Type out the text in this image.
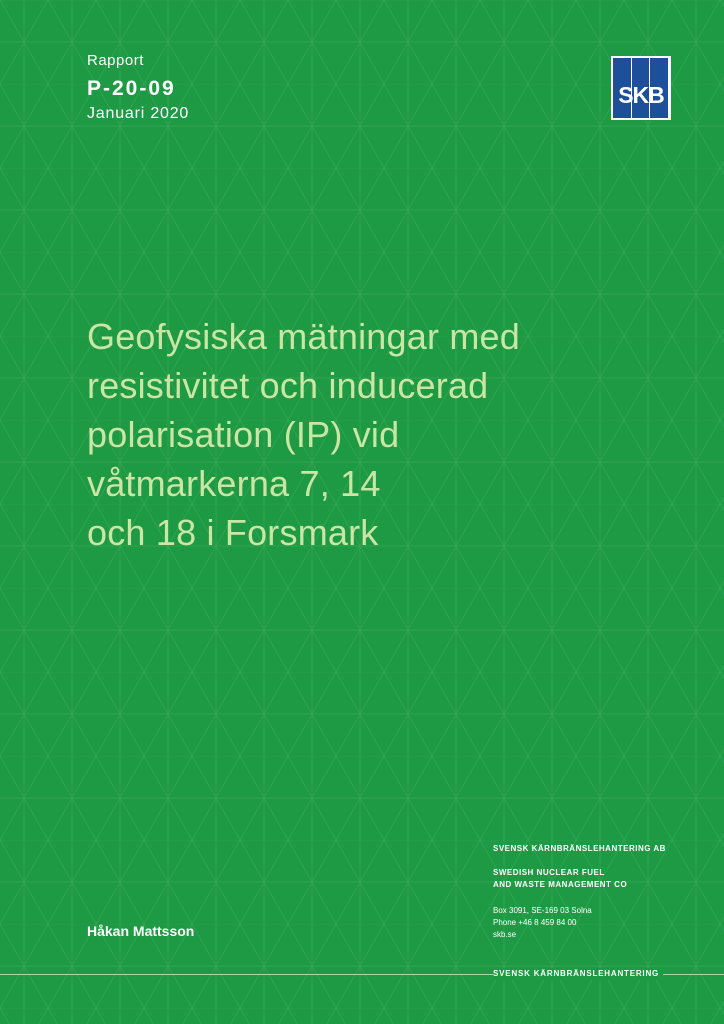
Rapport
P-20-09
Januari 2020
SKB
Geofysiska mätningar med
resistivitet och inducerad
polarisation (IP) vid
våtmarkerna 7, 14
och 18 i Forsmark
Håkan Mattsson
SVENSK KÄRNBRÄNSLEHANTERING AB
SWEDISH NUCLEAR FUEL
AND WASTE MANAGEMENT CO
Box 3091, SE-169 03 Solna
Phone +46 8 459 84 00
skb.se
SVENSK KÄRNBRÄNSLEHANTERING
